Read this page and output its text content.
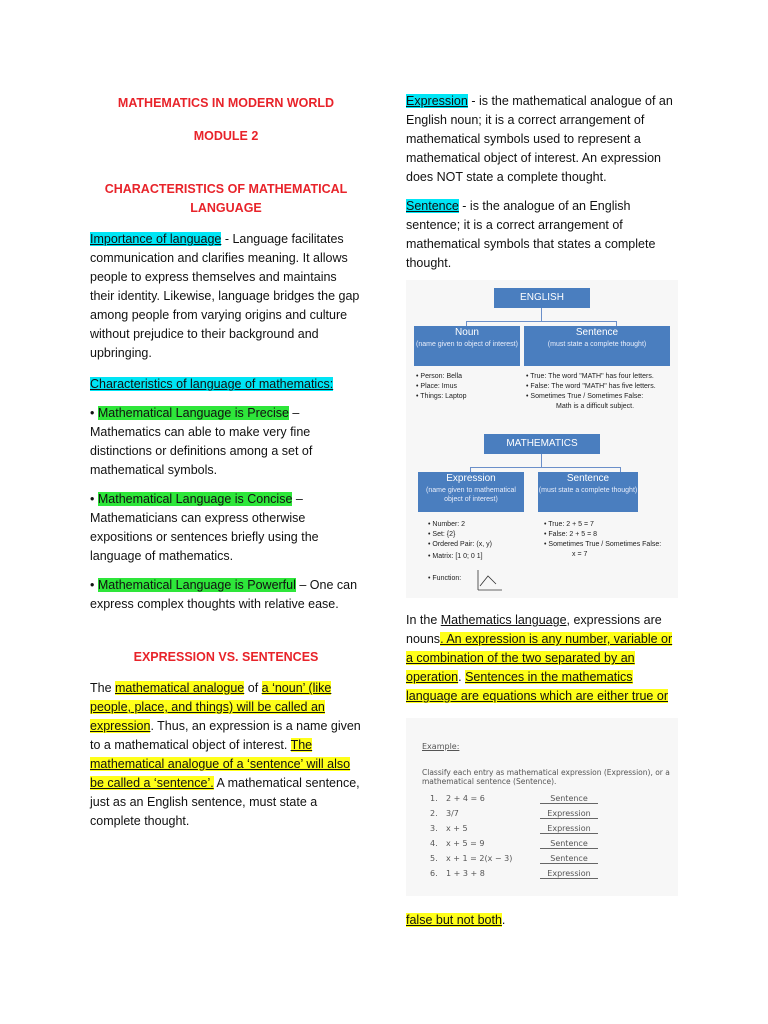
MATHEMATICS IN MODERN WORLD

MODULE 2

CHARACTERISTICS OF MATHEMATICAL LANGUAGE

Importance of language - Language facilitates communication and clarifies meaning. It allows people to express themselves and maintains their identity. Likewise, language bridges the gap among people from varying origins and culture without prejudice to their background and upbringing.

Characteristics of language of mathematics:

• Mathematical Language is Precise – Mathematics can able to make very fine distinctions or definitions among a set of mathematical symbols.

• Mathematical Language is Concise – Mathematicians can express otherwise expositions or sentences briefly using the language of mathematics.

• Mathematical Language is Powerful – One can express complex thoughts with relative ease.

EXPRESSION VS. SENTENCES

The mathematical analogue of a ‘noun’ (like people, place, and things) will be called an expression. Thus, an expression is a name given to a mathematical object of interest. The mathematical analogue of a ‘sentence’ will also be called a ‘sentence’. A mathematical sentence, just as an English sentence, must state a complete thought.

Expression - is the mathematical analogue of an English noun; it is a correct arrangement of mathematical symbols used to represent a mathematical object of interest. An expression does NOT state a complete thought.

Sentence - is the analogue of an English sentence; it is a correct arrangement of mathematical symbols that states a complete thought.

ENGLISH
Noun
(name given to object of interest)
Sentence
(must state a complete thought)
• Person: Bella
• Place: Imus
• Things: Laptop
• True: The word "MATH" has four letters.
• False: The word "MATH" has five letters.
• Sometimes True / Sometimes False:
Math is a difficult subject.
MATHEMATICS
Expression
(name given to mathematical object of interest)
Sentence
(must state a complete thought)
• Number: 2
• Set: {2}
• Ordered Pair: (x, y)
• Matrix: [1 0; 0 1]
• Function:
• True: 2 + 5 = 7
• False: 2 + 5 = 8
• Sometimes True / Sometimes False:
x = 7

In the Mathematics language, expressions are nouns. An expression is any number, variable or a combination of the two separated by an operation. Sentences in the mathematics language are equations which are either true or

Example:
Classify each entry as mathematical expression (Expression), or a mathematical sentence (Sentence).
1. 2 + 4 = 6	Sentence
2. 3/7	Expression
3. x + 5	Expression
4. x + 5 = 9	Sentence
5. x + 1 = 2(x − 3)	Sentence
6. 1 + 3 + 8	Expression

false but not both.
